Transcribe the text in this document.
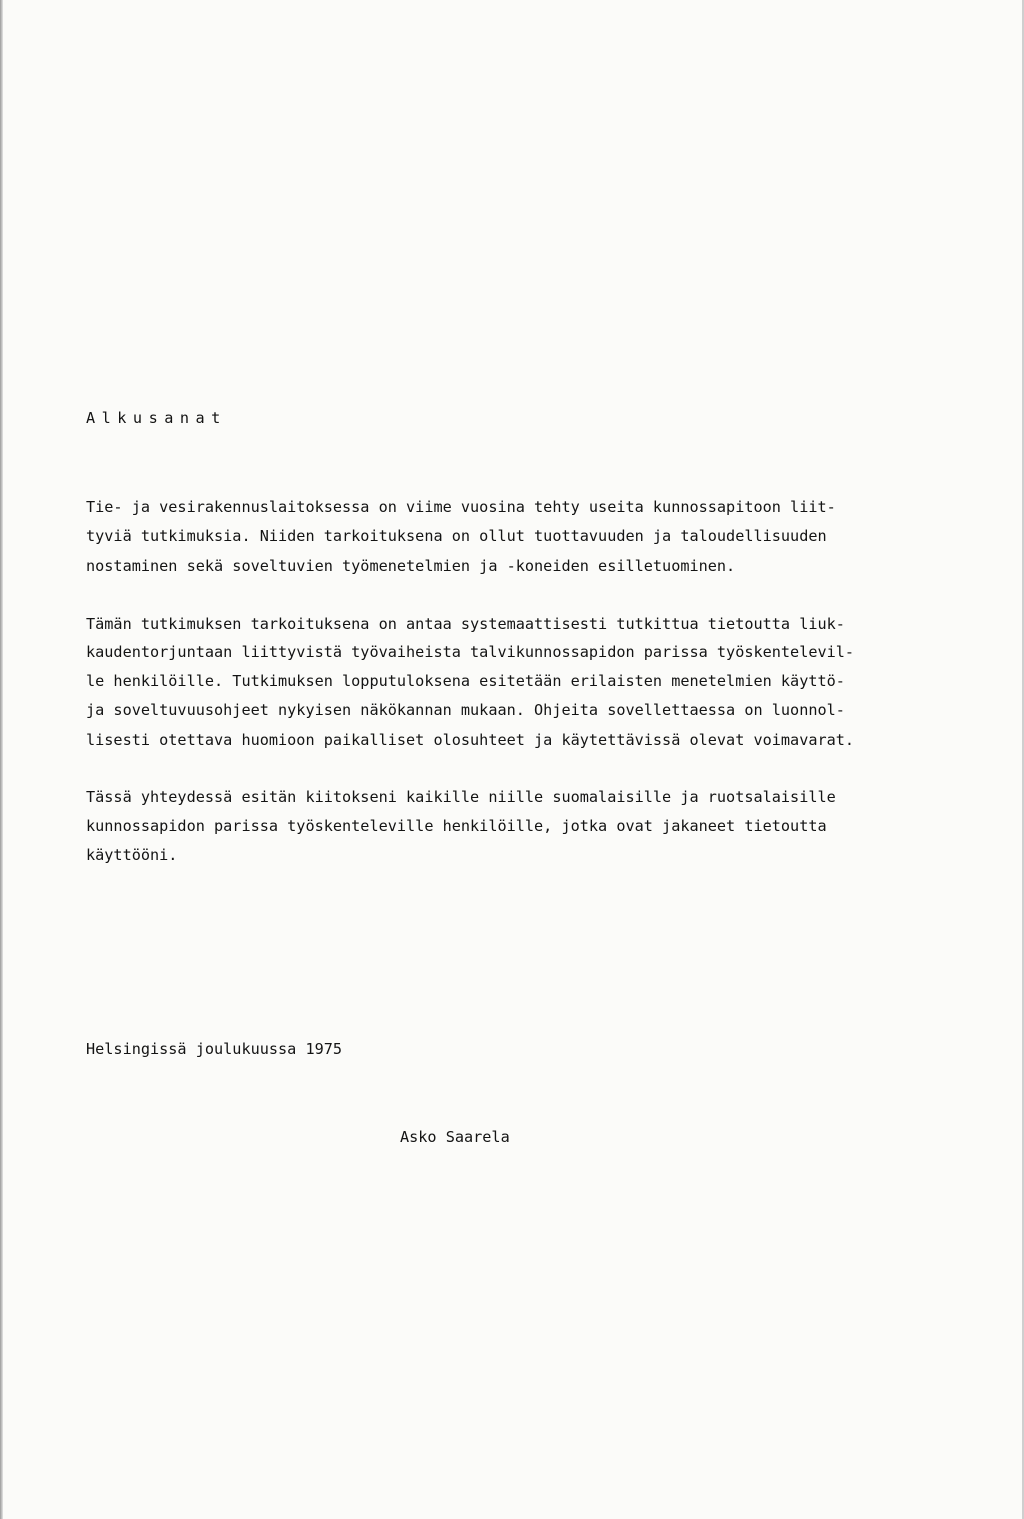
Alkusanat

Tie- ja vesirakennuslaitoksessa on viime vuosina tehty useita kunnossapitoon liit-

tyviä tutkimuksia. Niiden tarkoituksena on ollut tuottavuuden ja taloudellisuuden

nostaminen sekä soveltuvien työmenetelmien ja -koneiden esilletuominen.

Tämän tutkimuksen tarkoituksena on antaa systemaattisesti tutkittua tietoutta liuk-

kaudentorjuntaan liittyvistä työvaiheista talvikunnossapidon parissa työskentelevil-

le henkilöille. Tutkimuksen lopputuloksena esitetään erilaisten menetelmien käyttö-

ja soveltuvuusohjeet nykyisen näkökannan mukaan. Ohjeita sovellettaessa on luonnol-

lisesti otettava huomioon paikalliset olosuhteet ja käytettävissä olevat voimavarat.

Tässä yhteydessä esitän kiitokseni kaikille niille suomalaisille ja ruotsalaisille

kunnossapidon parissa työskenteleville henkilöille, jotka ovat jakaneet tietoutta

käyttööni.

Helsingissä joulukuussa 1975

Asko Saarela
